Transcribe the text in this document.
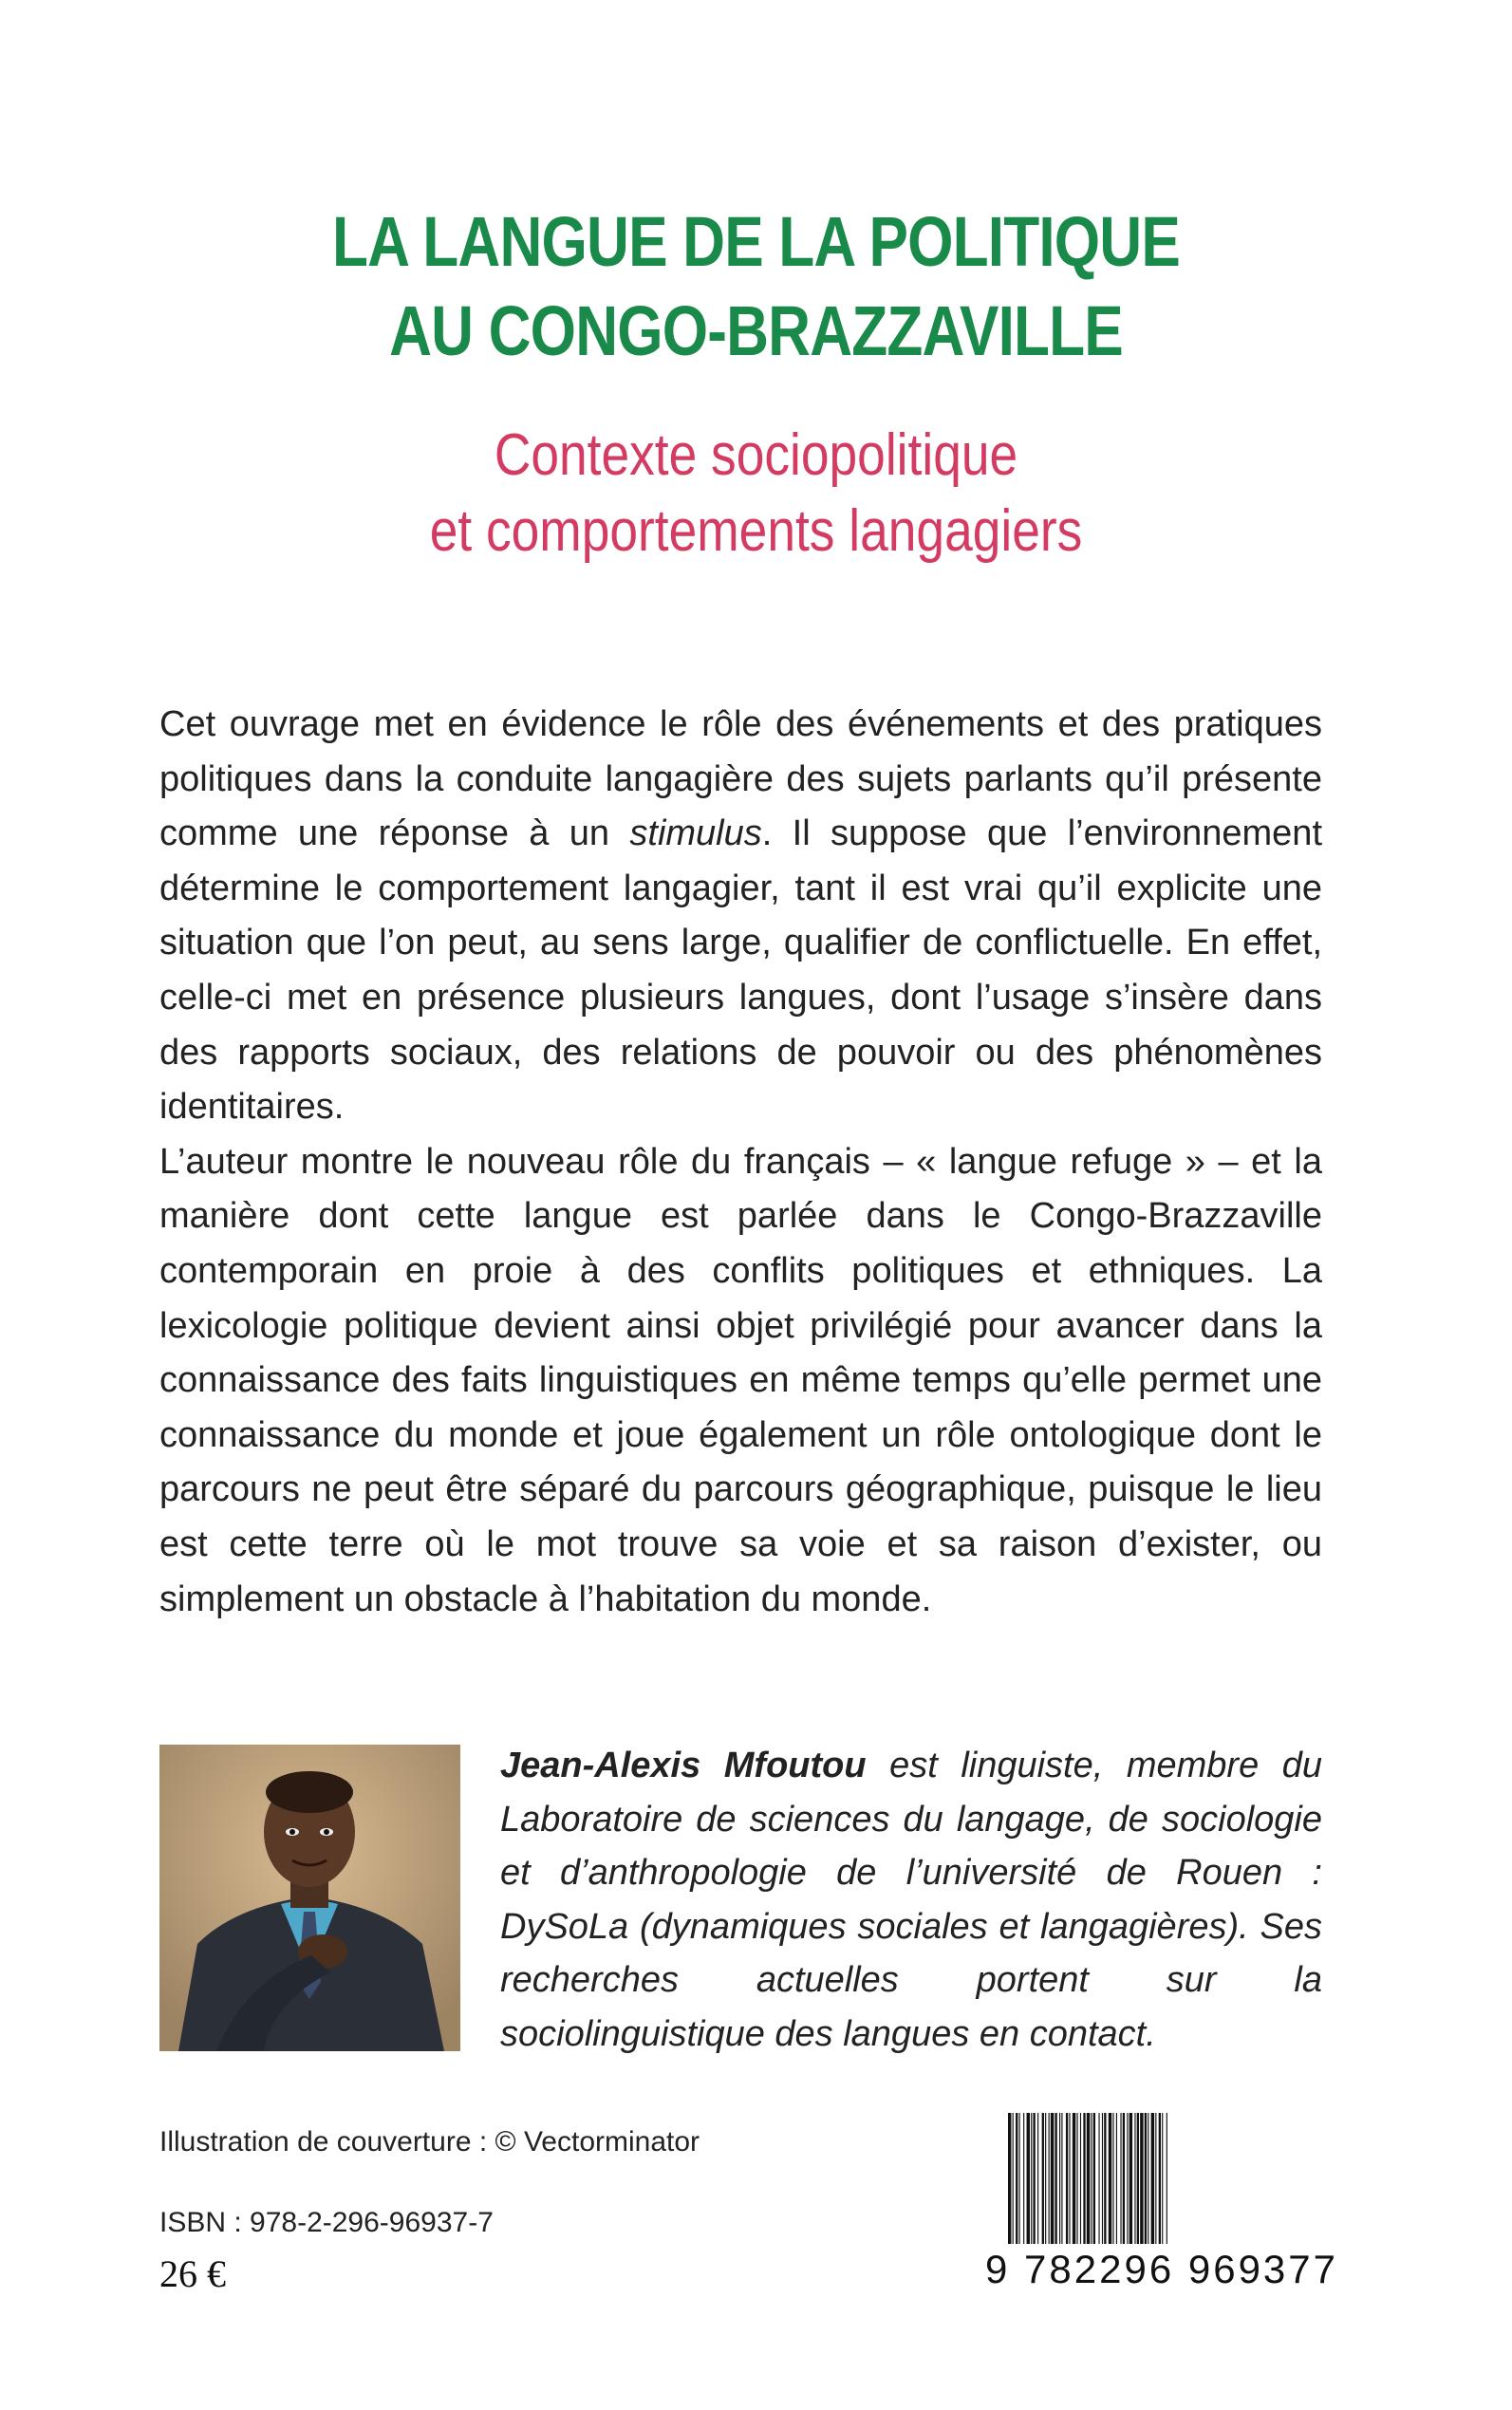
LA LANGUE DE LA POLITIQUE
AU CONGO-BRAZZAVILLE
Contexte sociopolitique
et comportements langagiers

Cet ouvrage met en évidence le rôle des événements et des pratiques politiques dans la conduite langagière des sujets parlants qu’il présente comme une réponse à un stimulus. Il suppose que l’environnement détermine le comportement langagier, tant il est vrai qu’il explicite une situation que l’on peut, au sens large, qualifier de conflictuelle. En effet, celle-ci met en présence plusieurs langues, dont l’usage s’insère dans des rapports sociaux, des relations de pouvoir ou des phénomènes identitaires.

L’auteur montre le nouveau rôle du français – « langue refuge » – et la manière dont cette langue est parlée dans le Congo-Brazzaville contemporain en proie à des conflits politiques et ethniques. La lexicologie politique devient ainsi objet privilégié pour avancer dans la connaissance des faits linguistiques en même temps qu’elle permet une connaissance du monde et joue également un rôle ontologique dont le parcours ne peut être séparé du parcours géographique, puisque le lieu est cette terre où le mot trouve sa voie et sa raison d’exister, ou simplement un obstacle à l’habitation du monde.

Jean-Alexis Mfoutou est linguiste, membre du Laboratoire de sciences du langage, de sociologie et d’anthropologie de l’université de Rouen : DySoLa (dynamiques sociales et langagières). Ses recherches actuelles portent sur la sociolinguistique des langues en contact.
Illustration de couverture : © Vectorminator
ISBN : 978-2-296-96937-7
26 €	9 782296 969377
